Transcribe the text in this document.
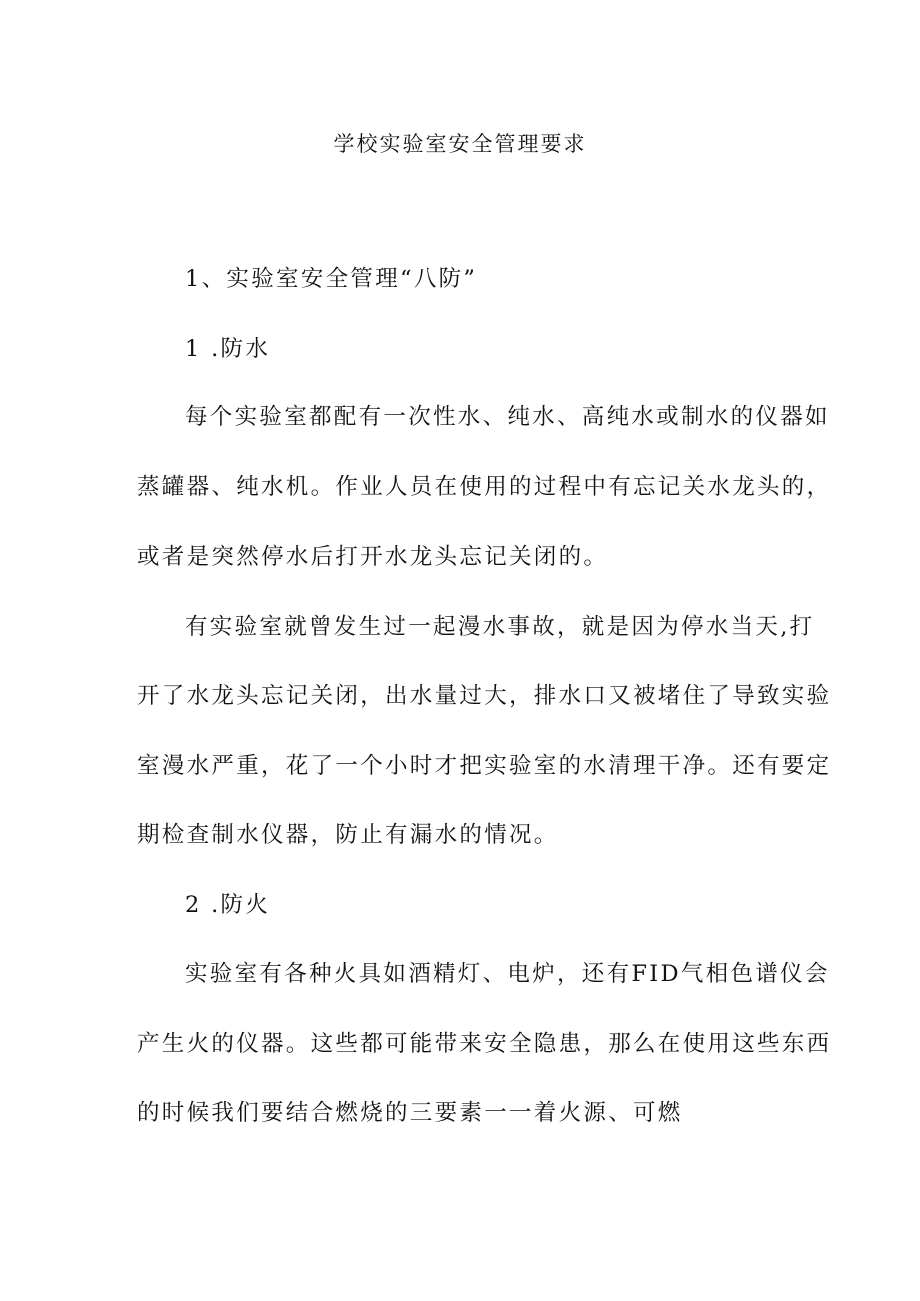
学校实验室安全管理要求
1、实验室安全管理“八防”
1 .防水
每个实验室都配有一次性水、纯水、高纯水或制水的仪器如
蒸罐器、纯水机。作业人员在使用的过程中有忘记关水龙头的，
或者是突然停水后打开水龙头忘记关闭的。
有实验室就曾发生过一起漫水事故，就是因为停水当天,打
开了水龙头忘记关闭，出水量过大，排水口又被堵住了导致实验
室漫水严重，花了一个小时才把实验室的水清理干净。还有要定
期检查制水仪器，防止有漏水的情况。
2 .防火
实验室有各种火具如酒精灯、电炉，还有FID气相色谱仪会
产生火的仪器。这些都可能带来安全隐患，那么在使用这些东西
的时候我们要结合燃烧的三要素一一着火源、可燃
